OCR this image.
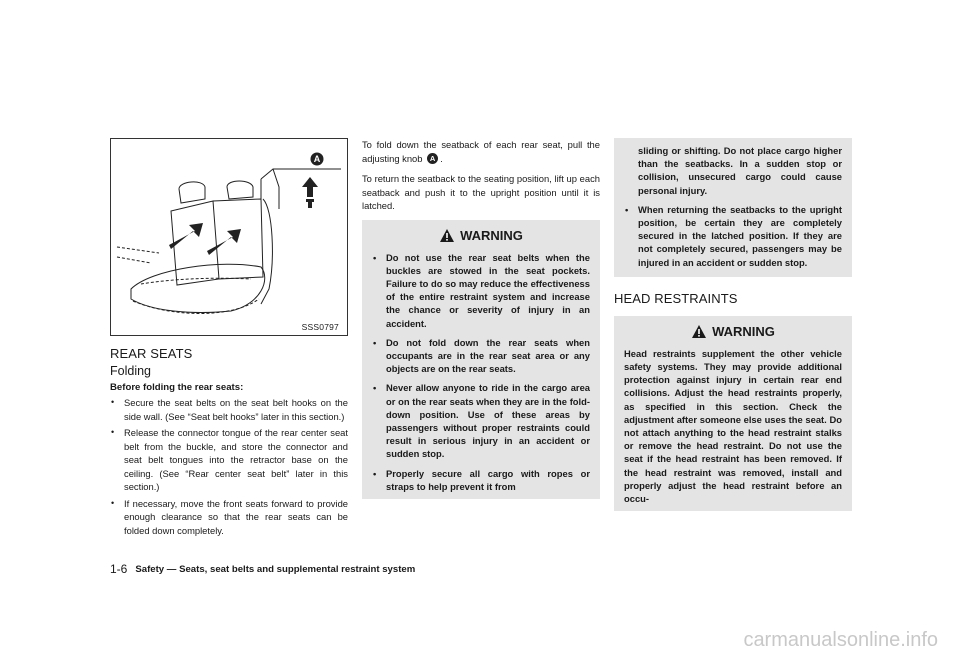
A
SSS0797
REAR SEATS
Folding
Before folding the rear seats:
• Secure the seat belts on the seat belt hooks on the side wall. (See “Seat belt hooks” later in this section.)
• Release the connector tongue of the rear center seat belt from the buckle, and store the connector and seat belt tongues into the retractor base on the ceiling. (See “Rear center seat belt” later in this section.)
• If necessary, move the front seats forward to provide enough clearance so that the rear seats can be folded down completely.

To fold down the seatback of each rear seat, pull the adjusting knob A .

To return the seatback to the seating position, lift up each seatback and push it to the upright position until it is latched.

WARNING
• Do not use the rear seat belts when the buckles are stowed in the seat pockets. Failure to do so may reduce the effectiveness of the entire restraint system and increase the chance or severity of injury in an accident.
• Do not fold down the rear seats when occupants are in the rear seat area or any objects are on the rear seats.
• Never allow anyone to ride in the cargo area or on the rear seats when they are in the fold-down position. Use of these areas by passengers without proper restraints could result in serious injury in an accident or sudden stop.
• Properly secure all cargo with ropes or straps to help prevent it from

sliding or shifting. Do not place cargo higher than the seatbacks. In a sudden stop or collision, unsecured cargo could cause personal injury.

• When returning the seatbacks to the upright position, be certain they are completely secured in the latched position. If they are not completely secured, passengers may be injured in an accident or sudden stop.
HEAD RESTRAINTS
WARNING

Head restraints supplement the other vehicle safety systems. They may provide additional protection against injury in certain rear end collisions. Adjust the head restraints properly, as specified in this section. Check the adjustment after someone else uses the seat. Do not attach anything to the head restraint stalks or remove the head restraint. Do not use the seat if the head restraint has been removed. If the head restraint was removed, install and properly adjust the head restraint before an occu-

1-6 Safety — Seats, seat belts and supplemental restraint system
carmanualsonline.info
